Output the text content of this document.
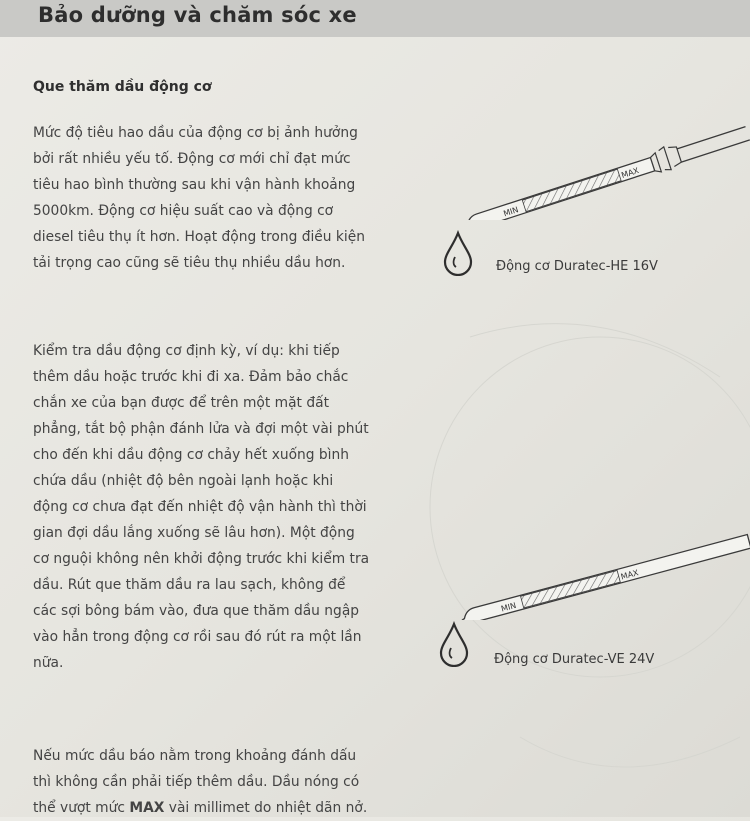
Bảo dưỡng và chăm sóc xe
Que thăm dầu động cơ
Mức độ tiêu hao dầu của động cơ bị ảnh hưởng
bởi rất nhiều yếu tố. Động cơ mới chỉ đạt mức
tiêu hao bình thường sau khi vận hành khoảng
5000km. Động cơ hiệu suất cao và động cơ
diesel tiêu thụ ít hơn. Hoạt động trong điều kiện
tải trọng cao cũng sẽ tiêu thụ nhiều dầu hơn.
Kiểm tra dầu động cơ định kỳ, ví dụ: khi tiếp
thêm dầu hoặc trước khi đi xa. Đảm bảo chắc
chắn xe của bạn được để trên một mặt đất
phẳng, tắt bộ phận đánh lửa và đợi một vài phút
cho đến khi dầu động cơ chảy hết xuống bình
chứa dầu (nhiệt độ bên ngoài lạnh hoặc khi
động cơ chưa đạt đến nhiệt độ vận hành thì thời
gian đợi dầu lắng xuống sẽ lâu hơn). Một động
cơ nguội không nên khởi động trước khi kiểm tra
dầu. Rút que thăm dầu ra lau sạch, không để
các sợi bông bám vào, đưa que thăm dầu ngập
vào hẳn trong động cơ rồi sau đó rút ra một lần
nữa.
Nếu mức dầu báo nằm trong khoảng đánh dấu
thì không cần phải tiếp thêm dầu. Dầu nóng có
thể vượt mức MAX vài millimet do nhiệt dãn nở.
MIN
MAX
Động cơ Duratec-HE 16V
MIN
MAX
Động cơ Duratec-VE 24V
